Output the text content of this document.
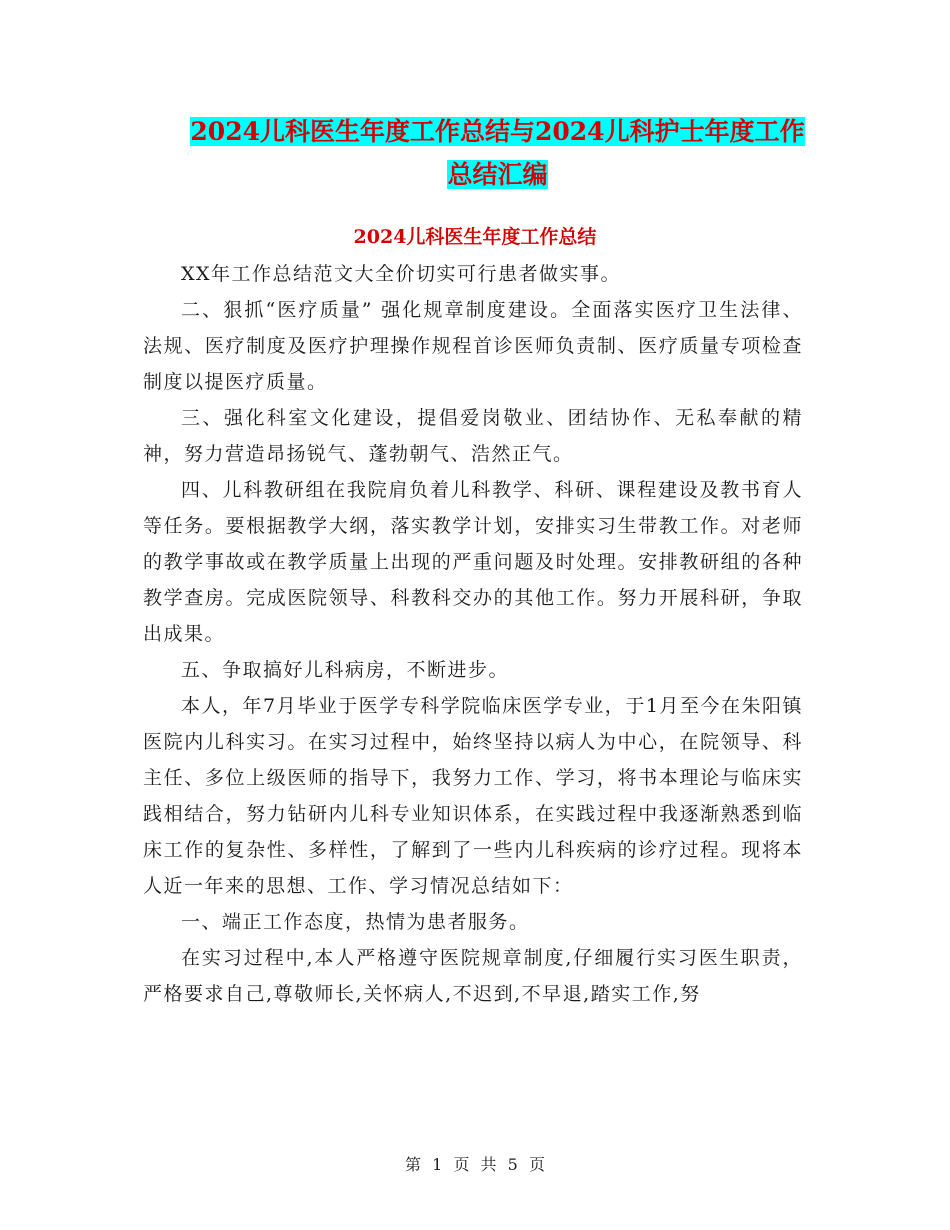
2024儿科医生年度工作总结与2024儿科护士年度工作
总结汇编
2024儿科医生年度工作总结

XX年工作总结范文大全价切实可行患者做实事。

二、狠抓“医疗质量” 强化规章制度建设。全面落实医疗卫生法律、法规、医疗制度及医疗护理操作规程首诊医师负责制、医疗质量专项检查制度以提医疗质量。

三、强化科室文化建设，提倡爱岗敬业、团结协作、无私奉献的精神，努力营造昂扬锐气、蓬勃朝气、浩然正气。

四、儿科教研组在我院肩负着儿科教学、科研、课程建设及教书育人等任务。要根据教学大纲，落实教学计划，安排实习生带教工作。对老师的教学事故或在教学质量上出现的严重问题及时处理。安排教研组的各种教学查房。完成医院领导、科教科交办的其他工作。努力开展科研，争取出成果。

五、争取搞好儿科病房，不断进步。

本人，年7月毕业于医学专科学院临床医学专业，于1月至今在朱阳镇医院内儿科实习。在实习过程中，始终坚持以病人为中心，在院领导、科主任、多位上级医师的指导下，我努力工作、学习，将书本理论与临床实践相结合，努力钻研内儿科专业知识体系，在实践过程中我逐渐熟悉到临床工作的复杂性、多样性，了解到了一些内儿科疾病的诊疗过程。现将本人近一年来的思想、工作、学习情况总结如下：

一、端正工作态度，热情为患者服务。

在实习过程中,本人严格遵守医院规章制度,仔细履行实习医生职责，严格要求自己,尊敬师长,关怀病人,不迟到,不早退,踏实工作,努

第 1 页 共 5 页
